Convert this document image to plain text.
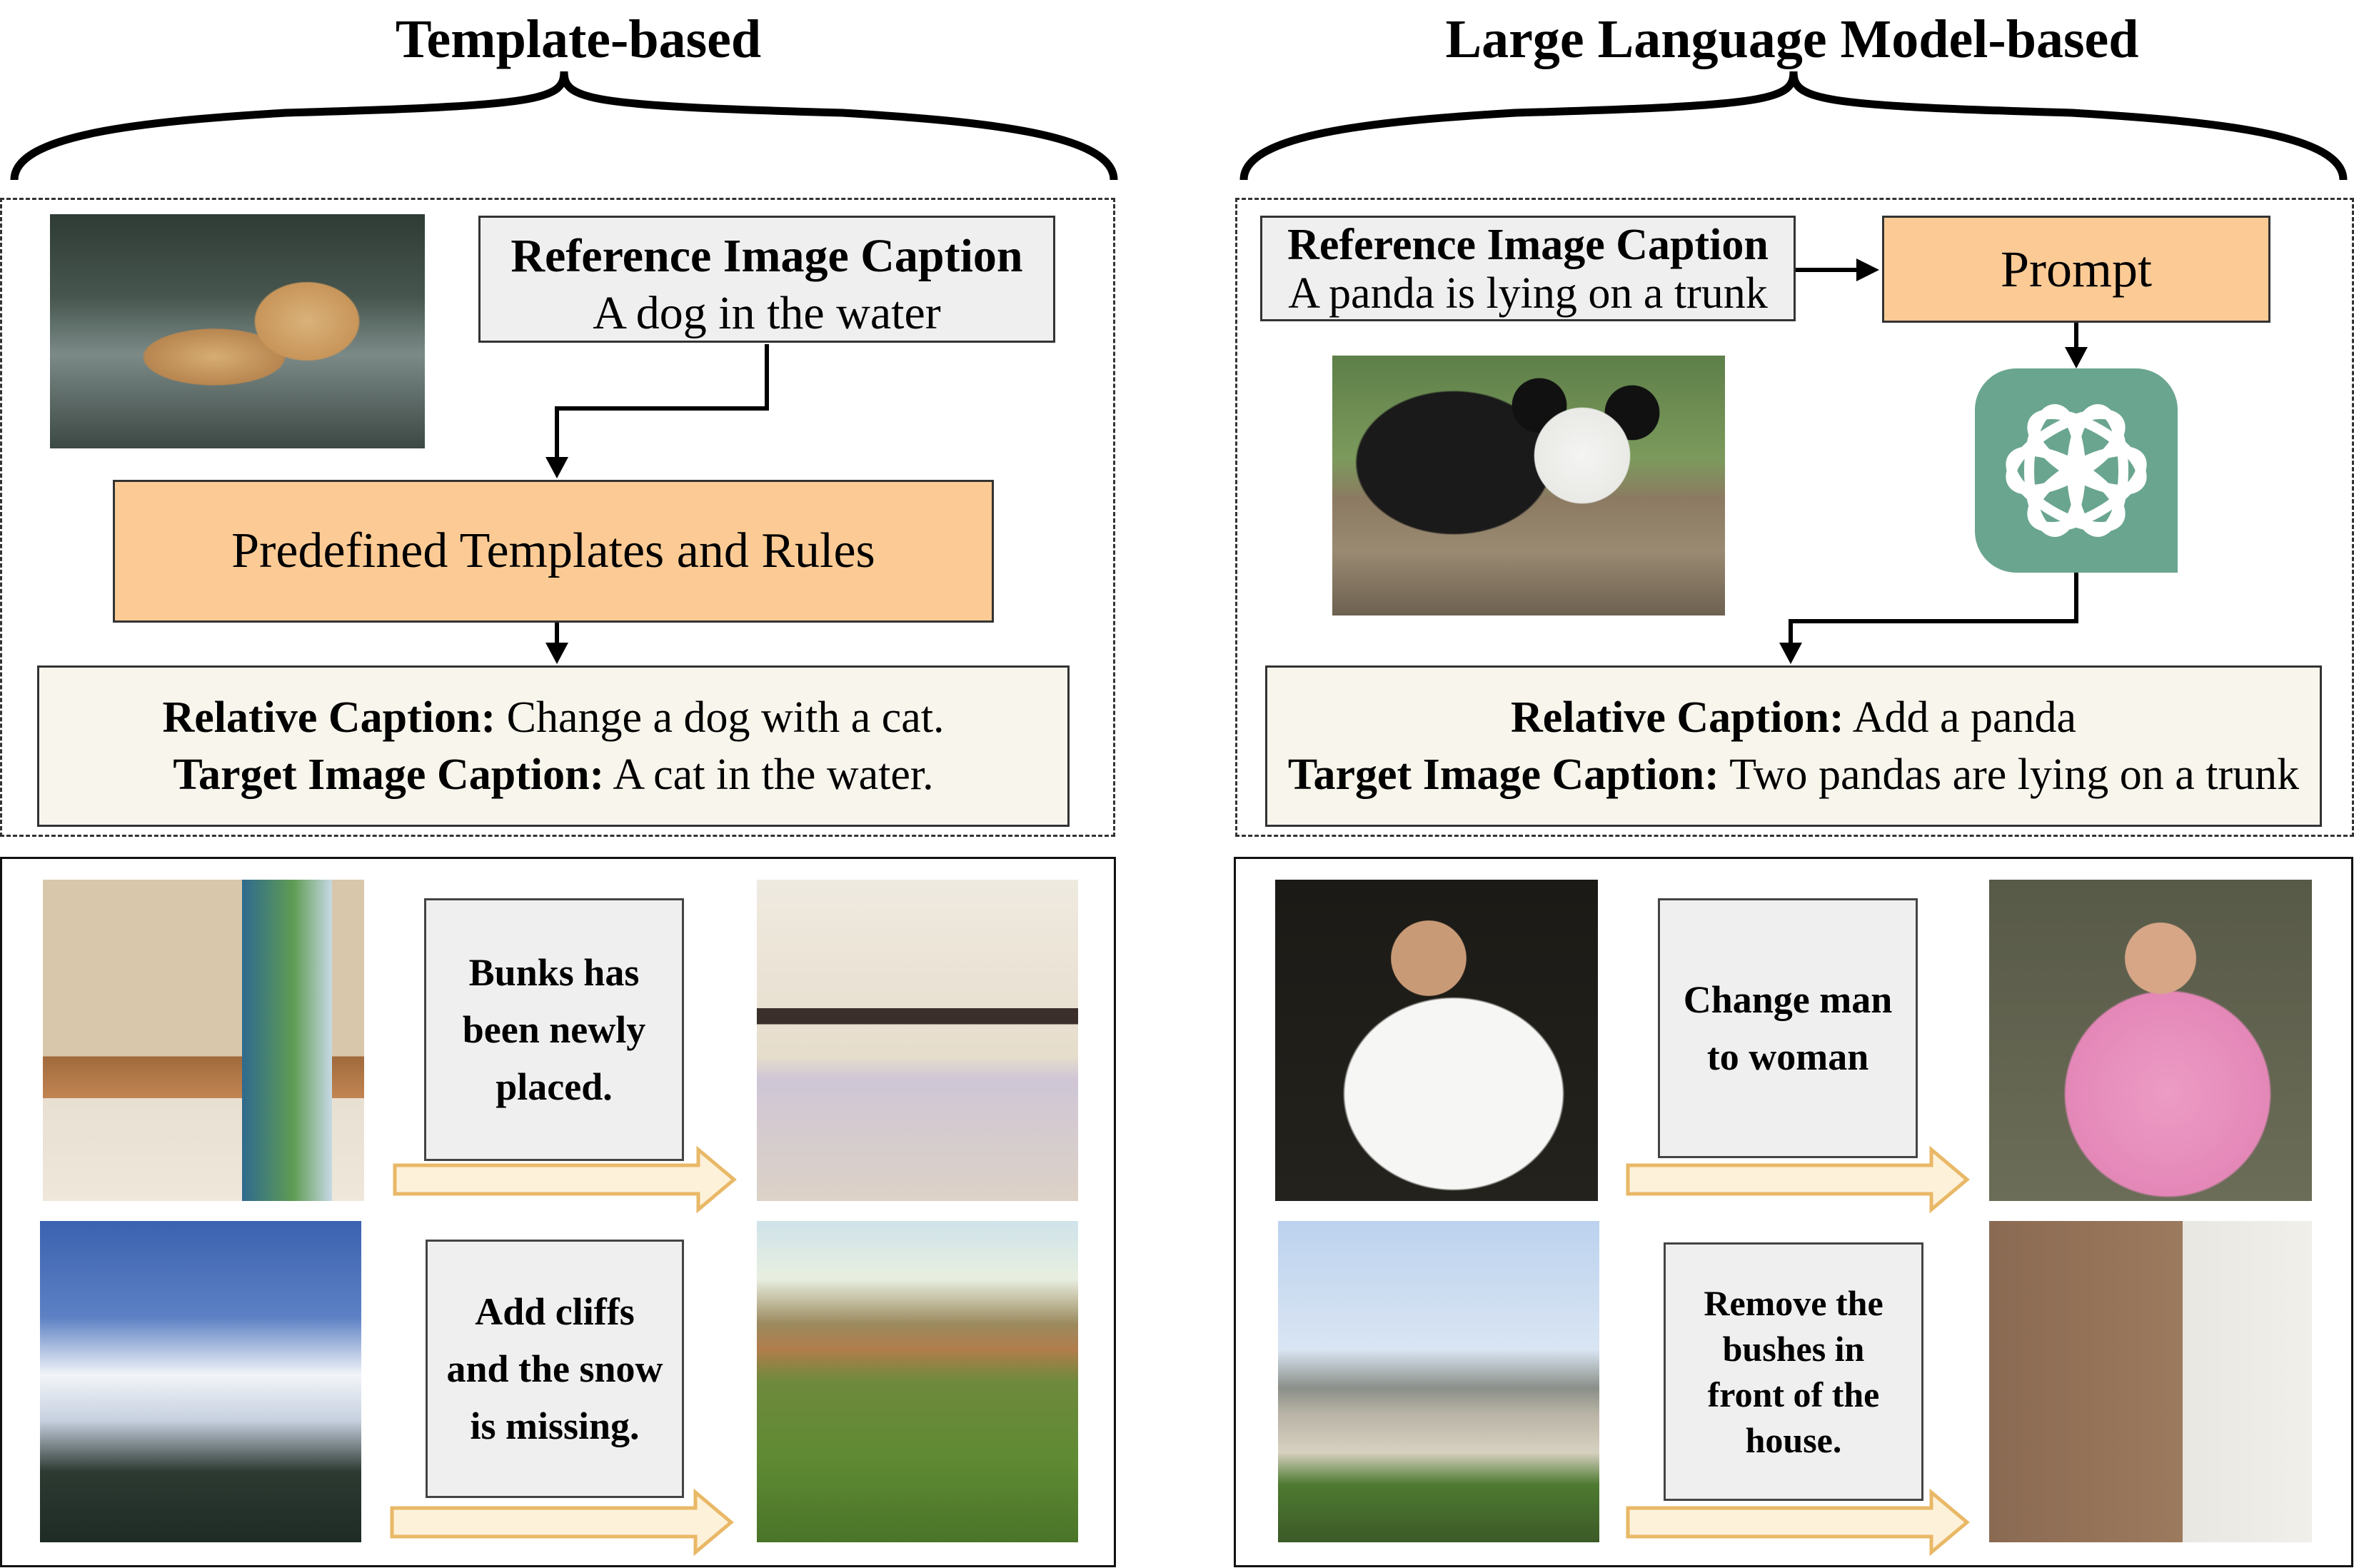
Template-based	Large Language Model-based
Reference Image Caption
A dog in the water
Predefined Templates and Rules
Relative Caption: Change a dog with a cat.
Target Image Caption: A cat in the water.
Reference Image Caption
A panda is lying on a trunk	Prompt
Relative Caption: Add a panda
Target Image Caption: Two pandas are lying on a trunk
Bunks has been newly placed.
Add cliffs and the snow is missing.
Change man to woman
Remove the bushes in front of the house.
